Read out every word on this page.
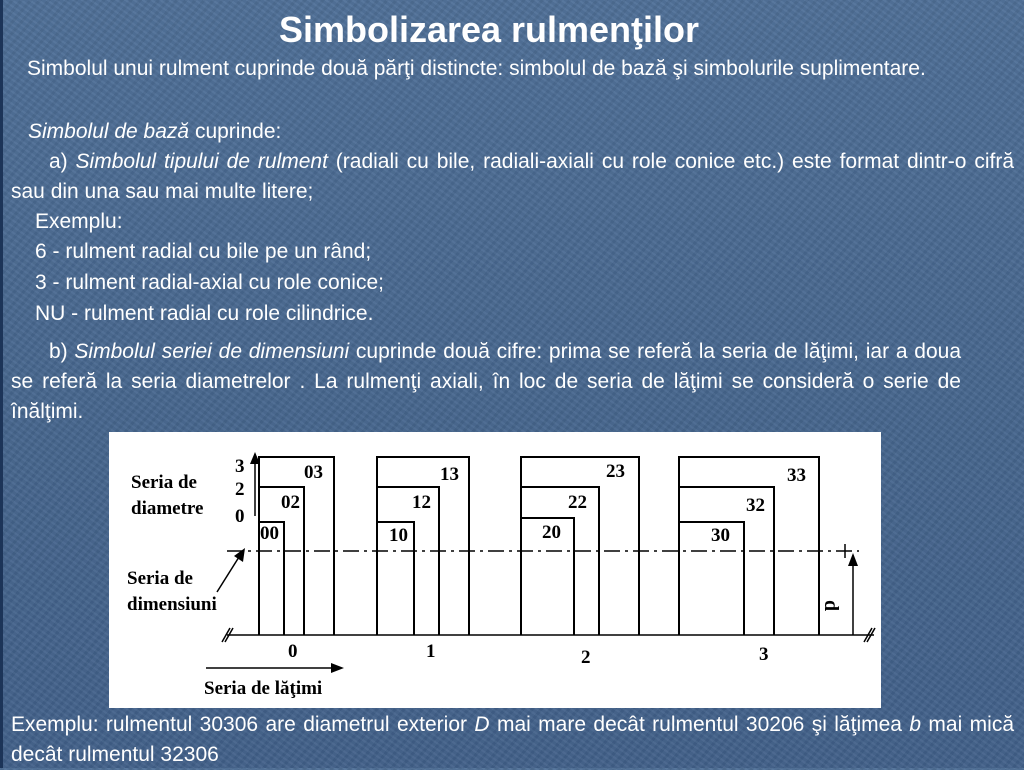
Simbolizarea rulmenţilor

Simbolul unui rulment cuprinde două părţi distincte: simbolul de bază şi simbolurile suplimentare.

Simbolul de bază cuprinde:

a) Simbolul tipului de rulment (radiali cu bile, radiali-axiali cu role conice etc.) este format dintr-o cifră sau din una sau mai multe litere;

Exemplu:

6 - rulment radial cu bile pe un rând;

3 - rulment radial-axial cu role conice;

NU - rulment radial cu role cilindrice.

b) Simbolul seriei de dimensiuni cuprinde două cifre: prima se referă la seria de lăţimi, iar a doua se referă la seria diametrelor . La rulmenţi axiali, în loc de seria de lăţimi se consideră o serie de înălţimi.

Seria de
diametre
Seria de
dimensiuni
Seria de lăţimi
3
2
0
0	1	2	3
00
02
03
10
12
13
20
22
23
30
32
33
d

Exemplu: rulmentul 30306 are diametrul exterior D mai mare decât rulmentul 30206 şi lăţimea b mai mică decât rulmentul 32306
